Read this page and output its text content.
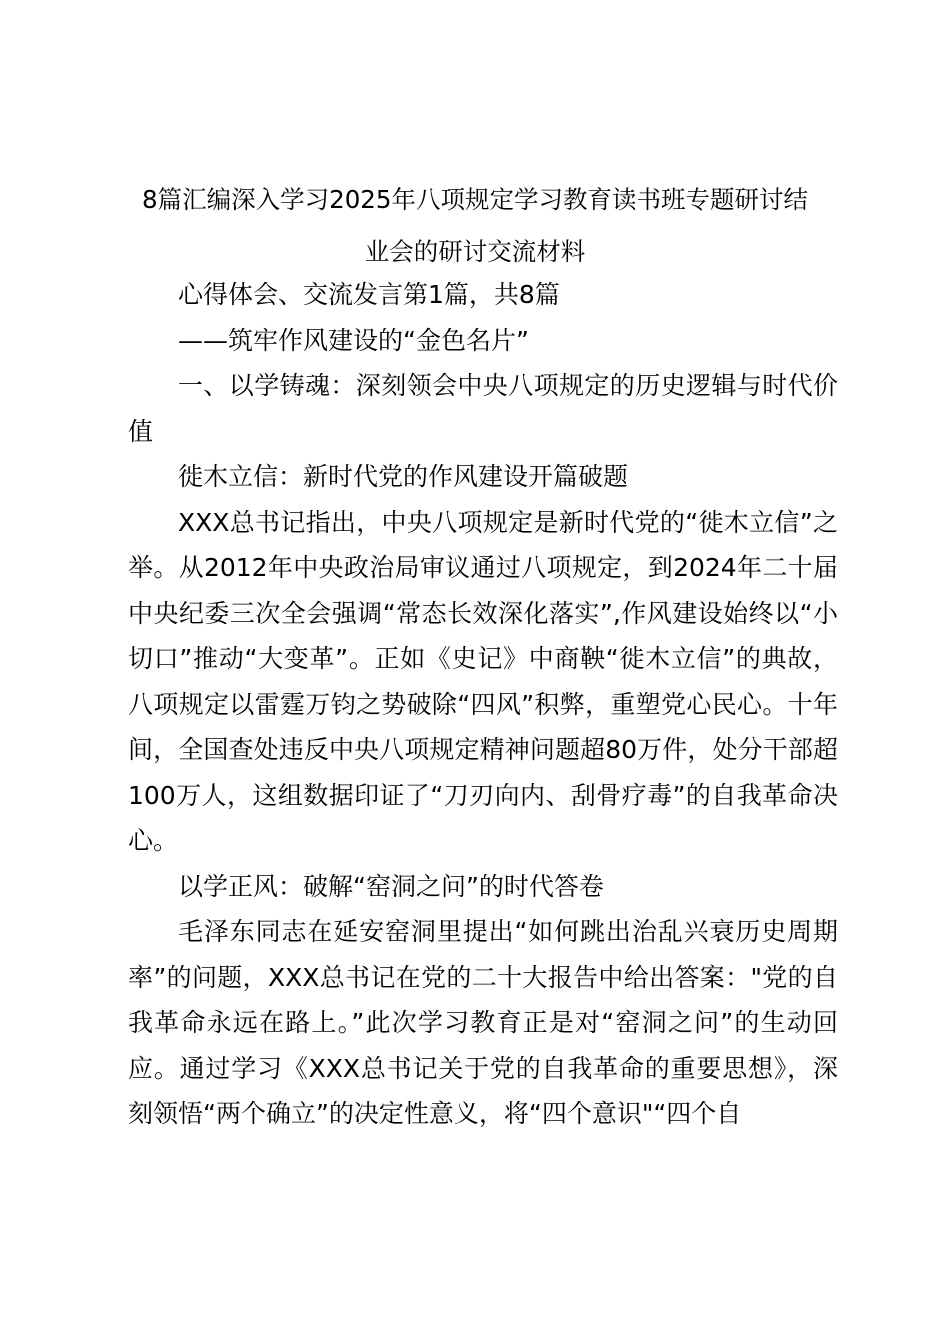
8篇汇编深入学习2025年八项规定学习教育读书班专题研讨结
业会的研讨交流材料

心得体会、交流发言第1篇，共8篇

——筑牢作风建设的“金色名片”

一、以学铸魂：深刻领会中央八项规定的历史逻辑与时代价值

徙木立信：新时代党的作风建设开篇破题

XXX总书记指出，中央八项规定是新时代党的“徙木立信”之举。从2012年中央政治局审议通过八项规定，到2024年二十届中央纪委三次全会强调“常态长效深化落实”,作风建设始终以“小切口”推动“大变革”。正如《史记》中商鞅“徙木立信”的典故，八项规定以雷霆万钧之势破除“四风”积弊，重塑党心民心。十年间，全国查处违反中央八项规定精神问题超80万件，处分干部超100万人，这组数据印证了“刀刃向内、刮骨疗毒”的自我革命决心。

以学正风：破解“窑洞之问”的时代答卷

毛泽东同志在延安窑洞里提出“如何跳出治乱兴衰历史周期率”的问题，XXX总书记在党的二十大报告中给出答案："党的自我革命永远在路上。”此次学习教育正是对“窑洞之问”的生动回应。通过学习《XXX总书记关于党的自我革命的重要思想》，深刻领悟“两个确立”的决定性意义，将“四个意识"“四个自
